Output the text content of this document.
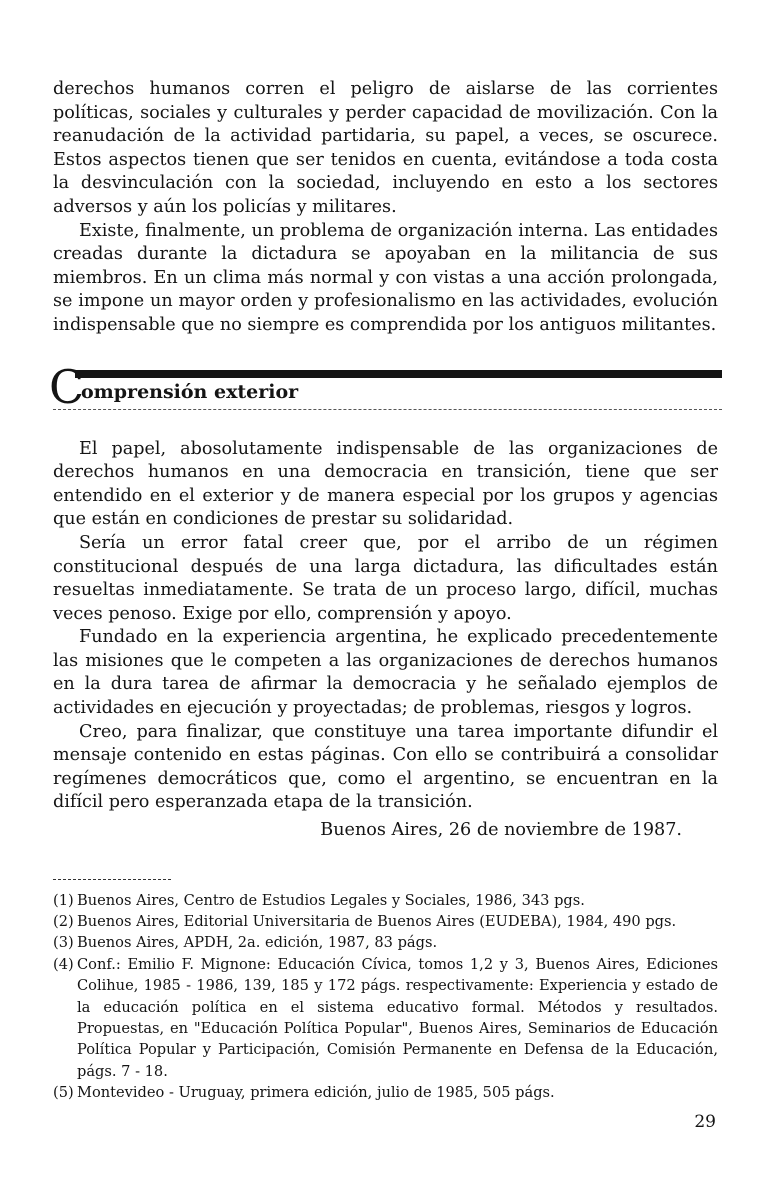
derechos humanos corren el peligro de aislarse de las corrientes políticas, sociales y culturales y perder capacidad de movilización. Con la reanudación de la actividad partidaria, su papel, a veces, se oscurece. Estos aspectos tienen que ser tenidos en cuenta, evitándose a toda costa la desvinculación con la sociedad, incluyendo en esto a los sectores adversos y aún los policías y militares.

Existe, finalmente, un problema de organización interna. Las entidades creadas durante la dictadura se apoyaban en la militancia de sus miembros. En un clima más normal y con vistas a una acción prolongada, se impone un mayor orden y profesionalismo en las actividades, evolución indispensable que no siempre es comprendida por los antiguos militantes.

C
omprensión exterior

El papel, abosolutamente indispensable de las organizaciones de derechos humanos en una democracia en transición, tiene que ser entendido en el exterior y de manera especial por los grupos y agencias que están en condiciones de prestar su solidaridad.

Sería un error fatal creer que, por el arribo de un régimen constitucional después de una larga dictadura, las dificultades están resueltas inmediatamente. Se trata de un proceso largo, difícil, muchas veces penoso. Exige por ello, comprensión y apoyo.

Fundado en la experiencia argentina, he explicado precedentemente las misiones que le competen a las organizaciones de derechos humanos en la dura tarea de afirmar la democracia y he señalado ejemplos de actividades en ejecución y proyectadas; de problemas, riesgos y logros.

Creo, para finalizar, que constituye una tarea importante difundir el mensaje contenido en estas páginas. Con ello se contribuirá a consolidar regímenes democráticos que, como el argentino, se encuentran en la difícil pero esperanzada etapa de la transición.

Buenos Aires, 26 de noviembre de 1987.
(1) Buenos Aires, Centro de Estudios Legales y Sociales, 1986, 343 pgs.
(2) Buenos Aires, Editorial Universitaria de Buenos Aires (EUDEBA), 1984, 490 pgs.
(3) Buenos Aires, APDH, 2a. edición, 1987, 83 págs.
(4) Conf.: Emilio F. Mignone: Educación Cívica, tomos 1,2 y 3, Buenos Aires, Ediciones Colihue, 1985 - 1986, 139, 185 y 172 págs. respectivamente: Experiencia y estado de la educación política en el sistema educativo formal. Métodos y resultados. Propuestas, en "Educación Política Popular", Buenos Aires, Seminarios de Educación Política Popular y Participación, Comisión Permanente en Defensa de la Educación, págs. 7 - 18.
(5) Montevideo - Uruguay, primera edición, julio de 1985, 505 págs.
29
